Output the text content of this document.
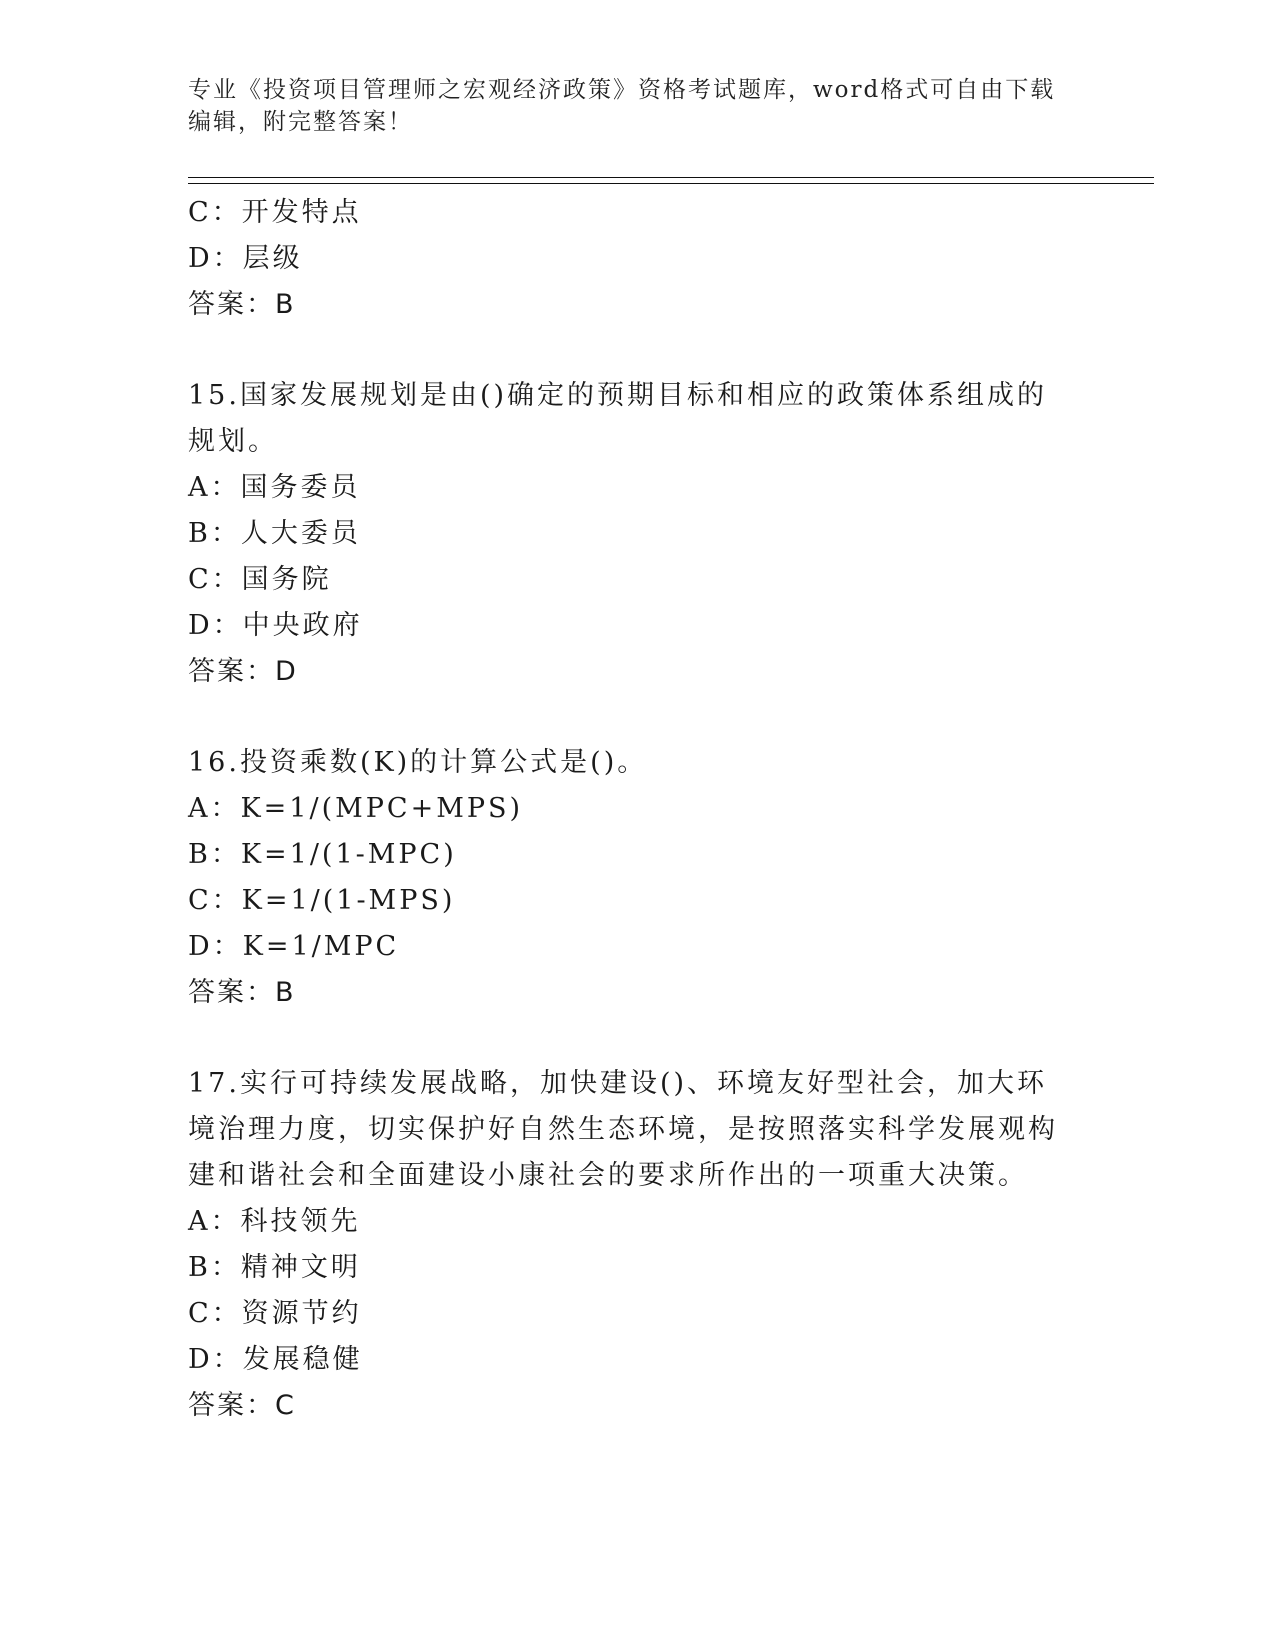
专业《投资项目管理师之宏观经济政策》资格考试题库，word格式可自由下载编辑，附完整答案！
C：开发特点
D：层级
答案：B
15.国家发展规划是由()确定的预期目标和相应的政策体系组成的规划。
A：国务委员
B：人大委员
C：国务院
D：中央政府
答案：D
16.投资乘数(K)的计算公式是()。
A：K=1/(MPC+MPS)
B：K=1/(1-MPC)
C：K=1/(1-MPS)
D：K=1/MPC
答案：B
17.实行可持续发展战略，加快建设()、环境友好型社会，加大环境治理力度，切实保护好自然生态环境，是按照落实科学发展观构建和谐社会和全面建设小康社会的要求所作出的一项重大决策。
A：科技领先
B：精神文明
C：资源节约
D：发展稳健
答案：C
